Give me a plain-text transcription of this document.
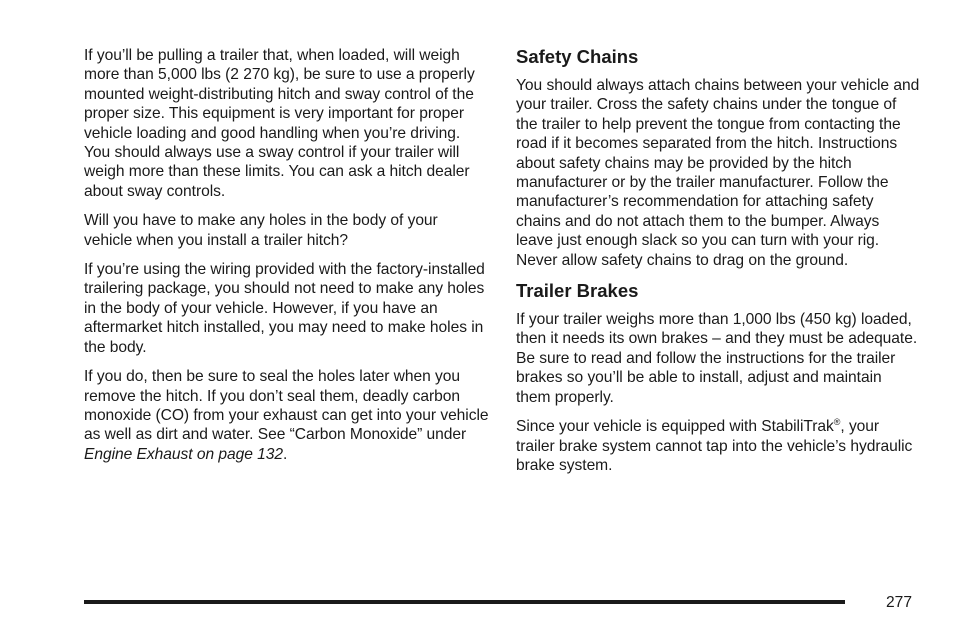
If you’ll be pulling a trailer that, when loaded, will weigh more than 5,000 lbs (2 270 kg), be sure to use a properly mounted weight-distributing hitch and sway control of the proper size. This equipment is very important for proper vehicle loading and good handling when you’re driving. You should always use a sway control if your trailer will weigh more than these limits. You can ask a hitch dealer about sway controls.

Will you have to make any holes in the body of your vehicle when you install a trailer hitch?

If you’re using the wiring provided with the factory-installed trailering package, you should not need to make any holes in the body of your vehicle. However, if you have an aftermarket hitch installed, you may need to make holes in the body.

If you do, then be sure to seal the holes later when you remove the hitch. If you don’t seal them, deadly carbon monoxide (CO) from your exhaust can get into your vehicle as well as dirt and water. See “Carbon Monoxide” under Engine Exhaust on page 132.

Safety Chains

You should always attach chains between your vehicle and your trailer. Cross the safety chains under the tongue of the trailer to help prevent the tongue from contacting the road if it becomes separated from the hitch. Instructions about safety chains may be provided by the hitch manufacturer or by the trailer manufacturer. Follow the manufacturer’s recommendation for attaching safety chains and do not attach them to the bumper. Always leave just enough slack so you can turn with your rig. Never allow safety chains to drag on the ground.

Trailer Brakes

If your trailer weighs more than 1,000 lbs (450 kg) loaded, then it needs its own brakes – and they must be adequate. Be sure to read and follow the instructions for the trailer brakes so you’ll be able to install, adjust and maintain them properly.

Since your vehicle is equipped with StabiliTrak®, your trailer brake system cannot tap into the vehicle’s hydraulic brake system.

277
